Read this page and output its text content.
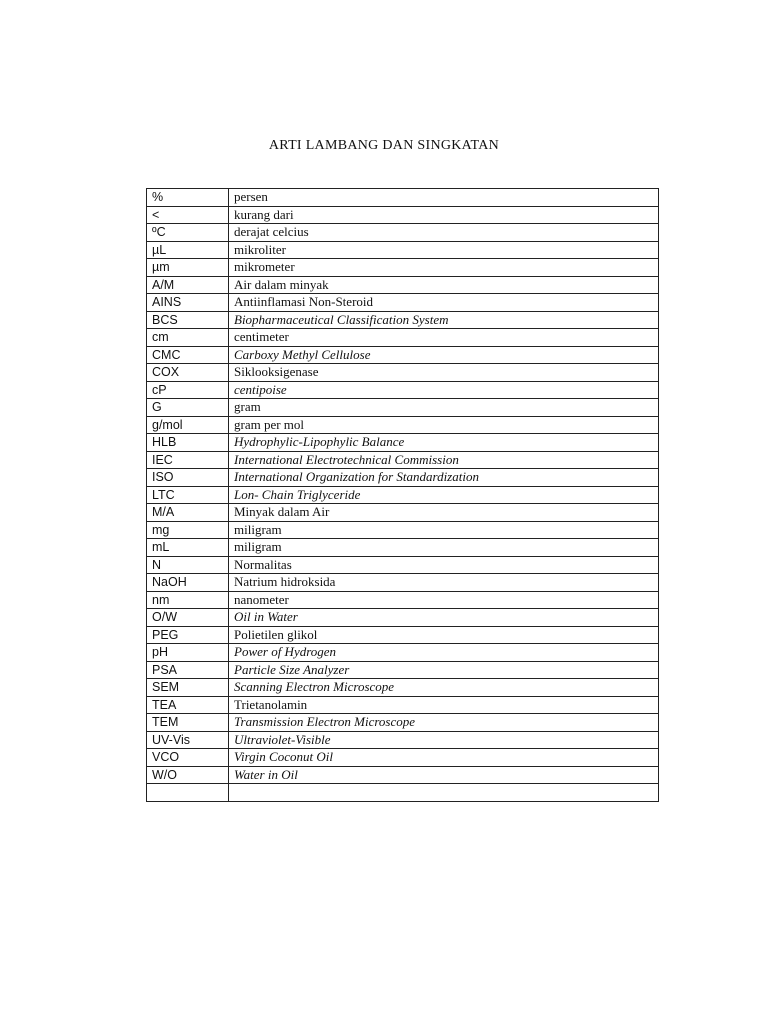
ARTI LAMBANG DAN SINGKATAN
%	persen
<	kurang dari
ºC	derajat celcius
µL	mikroliter
µm	mikrometer
A/M	Air dalam minyak
AINS	Antiinflamasi Non-Steroid
BCS	Biopharmaceutical Classification System
cm	centimeter
CMC	Carboxy Methyl Cellulose
COX	Siklooksigenase
cP	centipoise
G	gram
g/mol	gram per mol
HLB	Hydrophylic-Lipophylic Balance
IEC	International Electrotechnical Commission
ISO	International Organization for Standardization
LTC	Lon- Chain Triglyceride
M/A	Minyak dalam Air
mg	miligram
mL	miligram
N	Normalitas
NaOH	Natrium hidroksida
nm	nanometer
O/W	Oil in Water
PEG	Polietilen glikol
pH	Power of Hydrogen
PSA	Particle Size Analyzer
SEM	Scanning Electron Microscope
TEA	Trietanolamin
TEM	Transmission Electron Microscope
UV-Vis	Ultraviolet-Visible
VCO	Virgin Coconut Oil
W/O	Water in Oil
